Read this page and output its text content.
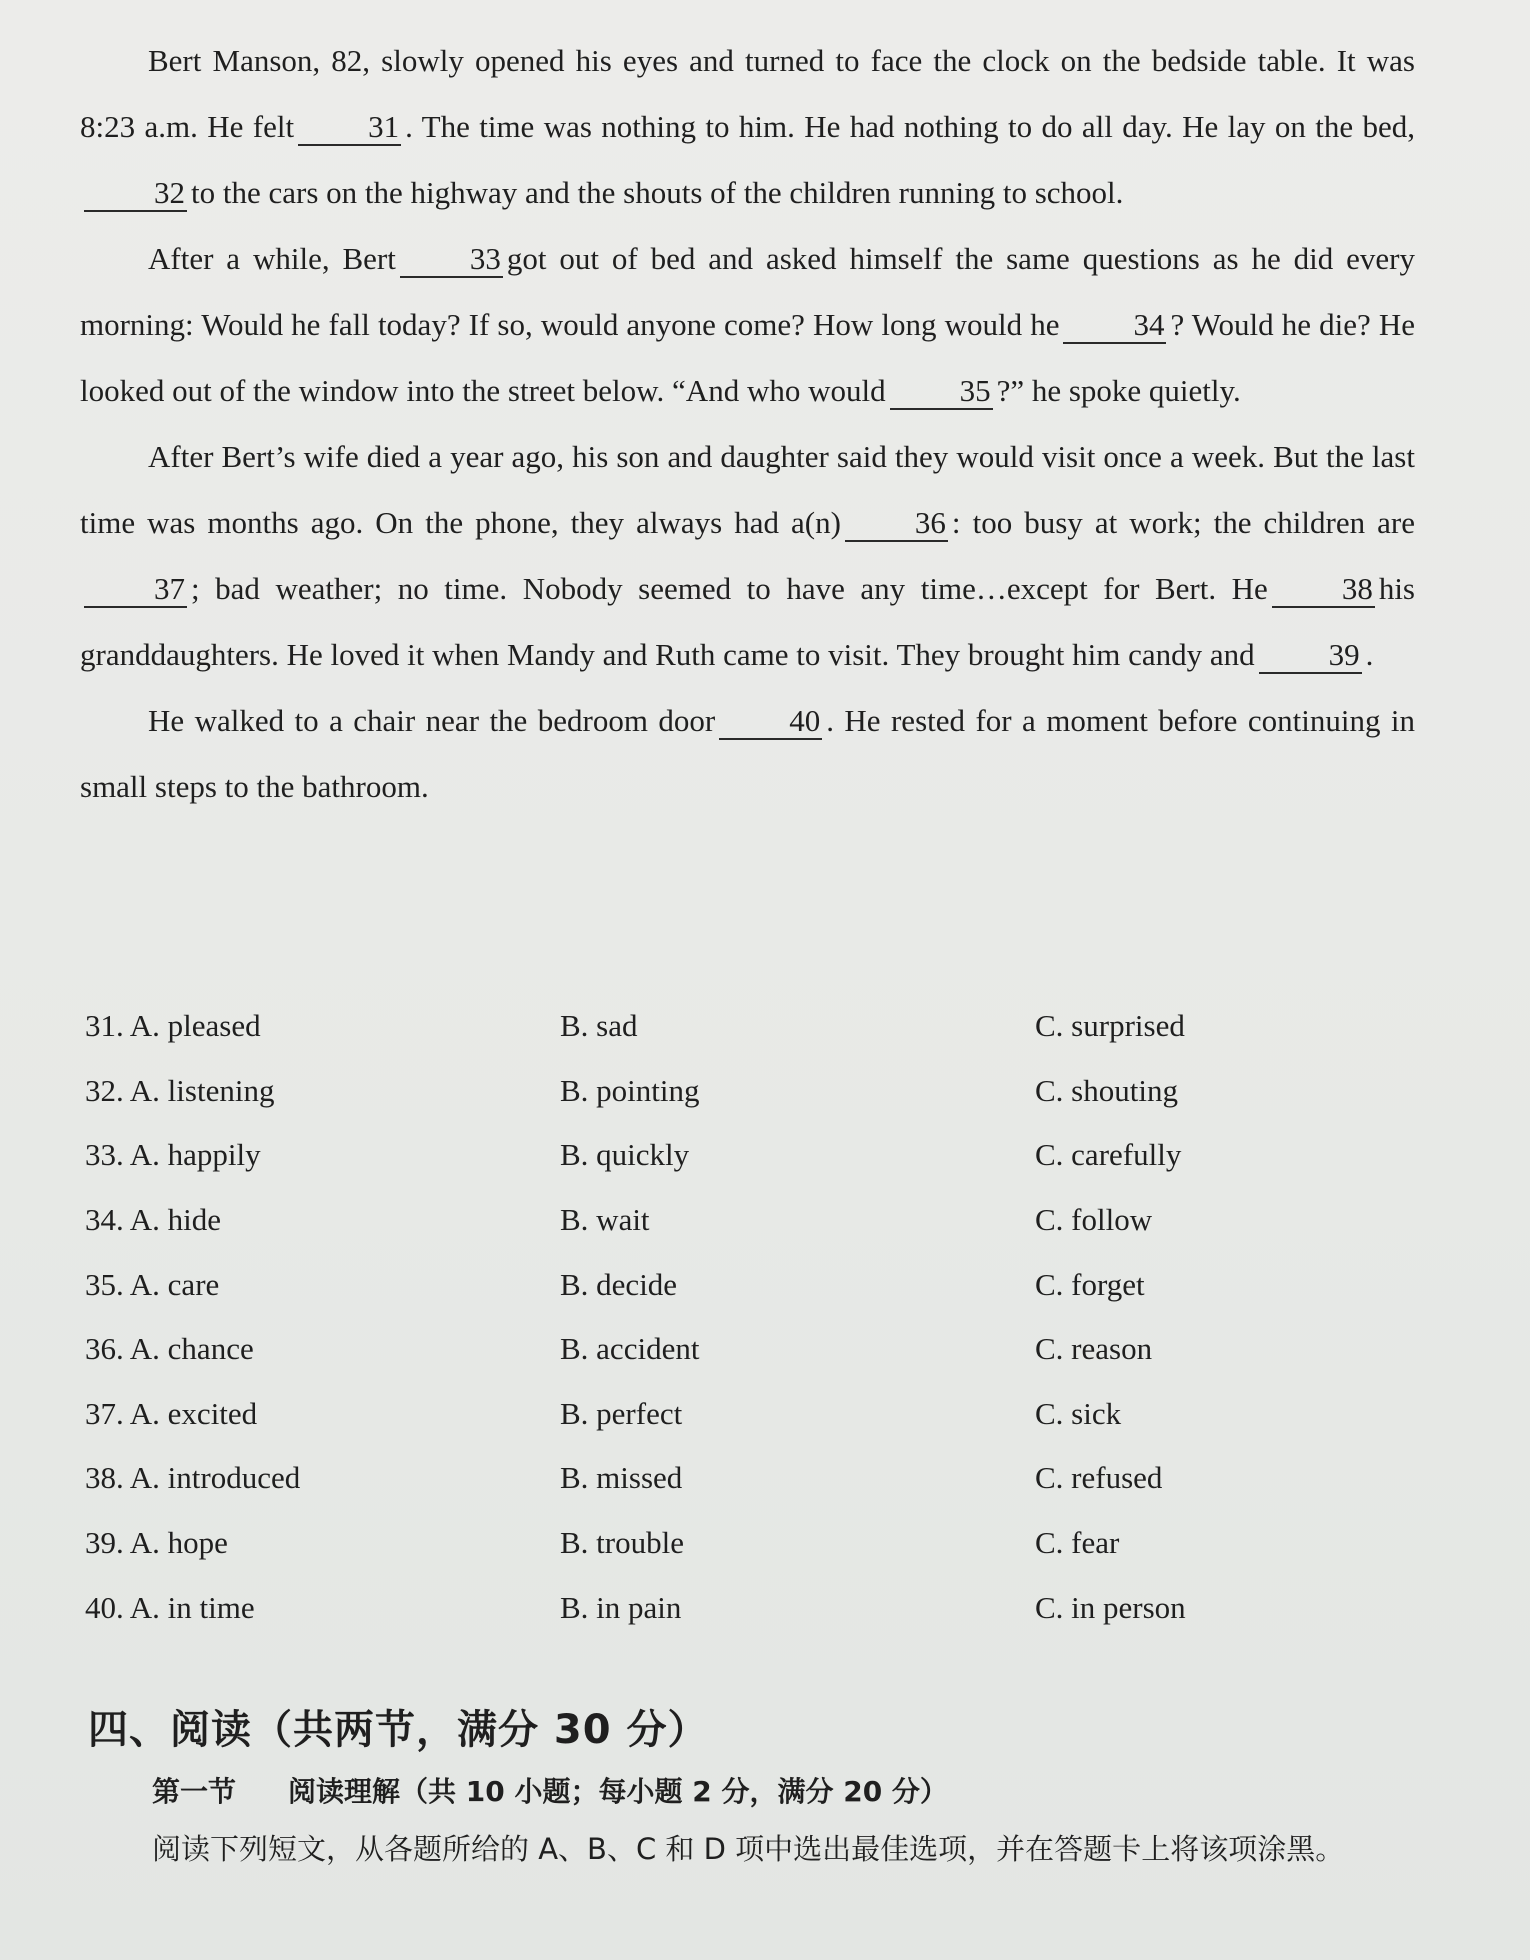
Bert Manson, 82, slowly opened his eyes and turned to face the clock on the bedside table. It was 8:23 a.m. He felt 31 . The time was nothing to him. He had nothing to do all day. He lay on the bed,32 to the cars on the highway and the shouts of the children running to school.

After a while, Bert 33 got out of bed and asked himself the same questions as he did every morning: Would he fall today? If so, would anyone come? How long would he 34 ? Would he die? He looked out of the window into the street below. “And who would 35 ?” he spoke quietly.

After Bert’s wife died a year ago, his son and daughter said they would visit once a week. But the last time was months ago. On the phone, they always had a(n) 36 : too busy at work; the children are37 ; bad weather; no time. Nobody seemed to have any time…except for Bert. He 38 his granddaughters. He loved it when Mandy and Ruth came to visit. They brought him candy and 39 .

He walked to a chair near the bedroom door 40 . He rested for a moment before continuing in small steps to the bathroom.

31. A. pleased	B. sad	C. surprised
32. A. listening	B. pointing	C. shouting
33. A. happily	B. quickly	C. carefully
34. A. hide	B. wait	C. follow
35. A. care	B. decide	C. forget
36. A. chance	B. accident	C. reason
37. A. excited	B. perfect	C. sick
38. A. introduced	B. missed	C. refused
39. A. hope	B. trouble	C. fear
40. A. in time	B. in pain	C. in person
四、阅读（共两节，满分 30 分）
第一节 阅读理解（共 10 小题；每小题 2 分，满分 20 分）

阅读下列短文，从各题所给的 A、B、C 和 D 项中选出最佳选项，并在答题卡上将该项涂黑。
